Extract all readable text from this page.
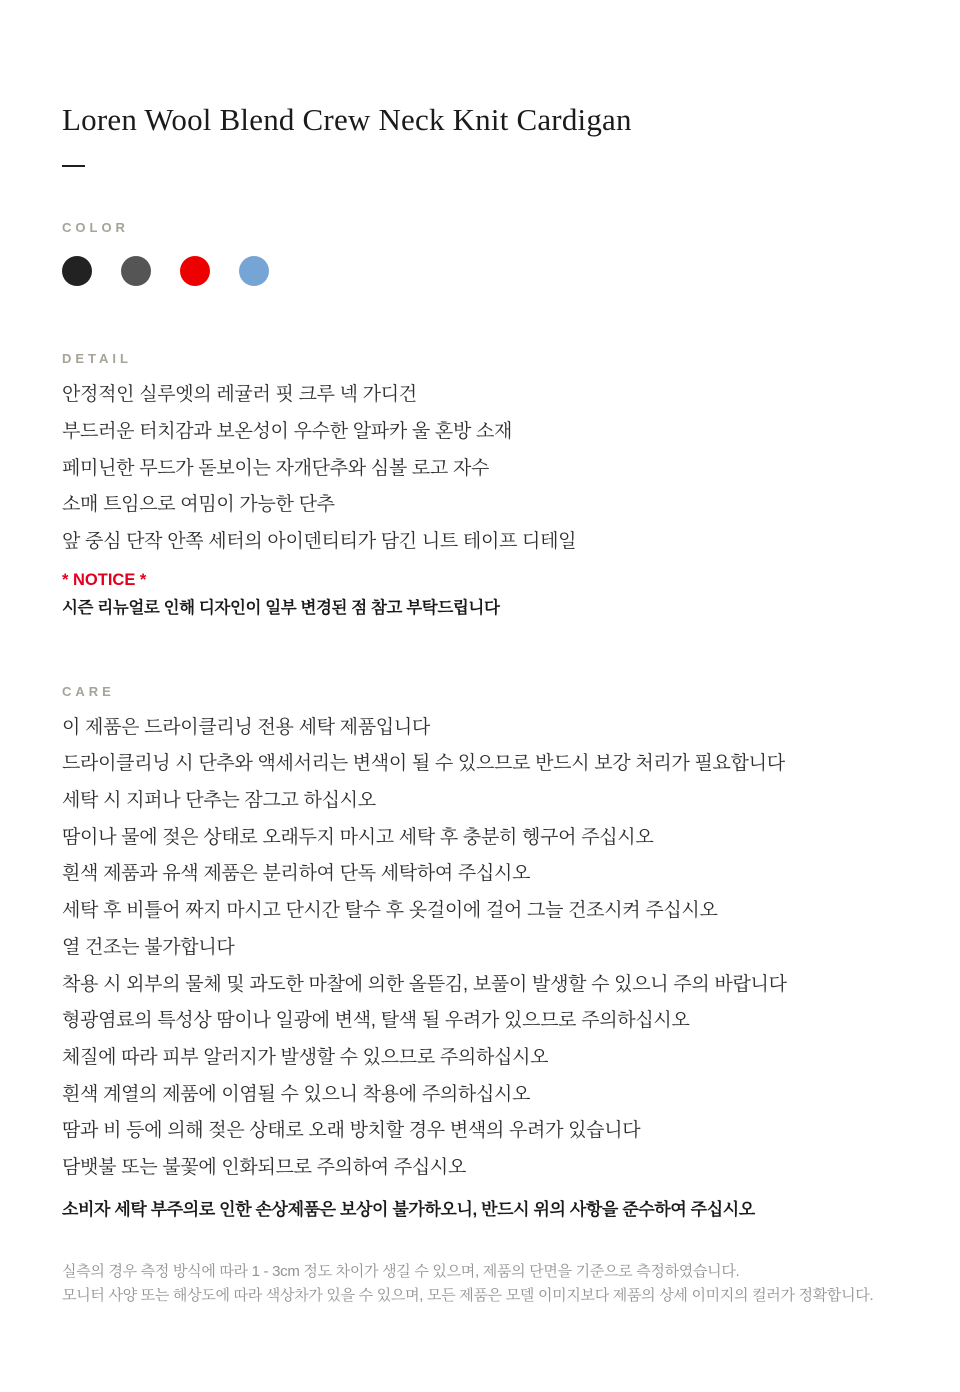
Loren Wool Blend Crew Neck Knit Cardigan
COLOR
DETAIL
안정적인 실루엣의 레귤러 핏 크루 넥 가디건
부드러운 터치감과 보온성이 우수한 알파카 울 혼방 소재
페미닌한 무드가 돋보이는 자개단추와 심볼 로고 자수
소매 트임으로 여밈이 가능한 단추
앞 중심 단작 안쪽 세터의 아이덴티티가 담긴 니트 테이프 디테일
* NOTICE *
시즌 리뉴얼로 인해 디자인이 일부 변경된 점 참고 부탁드립니다
CARE
이 제품은 드라이클리닝 전용 세탁 제품입니다
드라이클리닝 시 단추와 액세서리는 변색이 될 수 있으므로 반드시 보강 처리가 필요합니다
세탁 시 지퍼나 단추는 잠그고 하십시오
땀이나 물에 젖은 상태로 오래두지 마시고 세탁 후 충분히 헹구어 주십시오
흰색 제품과 유색 제품은 분리하여 단독 세탁하여 주십시오
세탁 후 비틀어 짜지 마시고 단시간 탈수 후 옷걸이에 걸어 그늘 건조시켜 주십시오
열 건조는 불가합니다
착용 시 외부의 물체 및 과도한 마찰에 의한 올뜯김, 보풀이 발생할 수 있으니 주의 바랍니다
형광염료의 특성상 땀이나 일광에 변색, 탈색 될 우려가 있으므로 주의하십시오
체질에 따라 피부 알러지가 발생할 수 있으므로 주의하십시오
흰색 계열의 제품에 이염될 수 있으니 착용에 주의하십시오
땀과 비 등에 의해 젖은 상태로 오래 방치할 경우 변색의 우려가 있습니다
담뱃불 또는 불꽃에 인화되므로 주의하여 주십시오
소비자 세탁 부주의로 인한 손상제품은 보상이 불가하오니, 반드시 위의 사항을 준수하여 주십시오
실측의 경우 측정 방식에 따라 1 - 3cm 정도 차이가 생길 수 있으며, 제품의 단면을 기준으로 측정하였습니다.
모니터 사양 또는 해상도에 따라 색상차가 있을 수 있으며, 모든 제품은 모델 이미지보다 제품의 상세 이미지의 컬러가 정확합니다.
